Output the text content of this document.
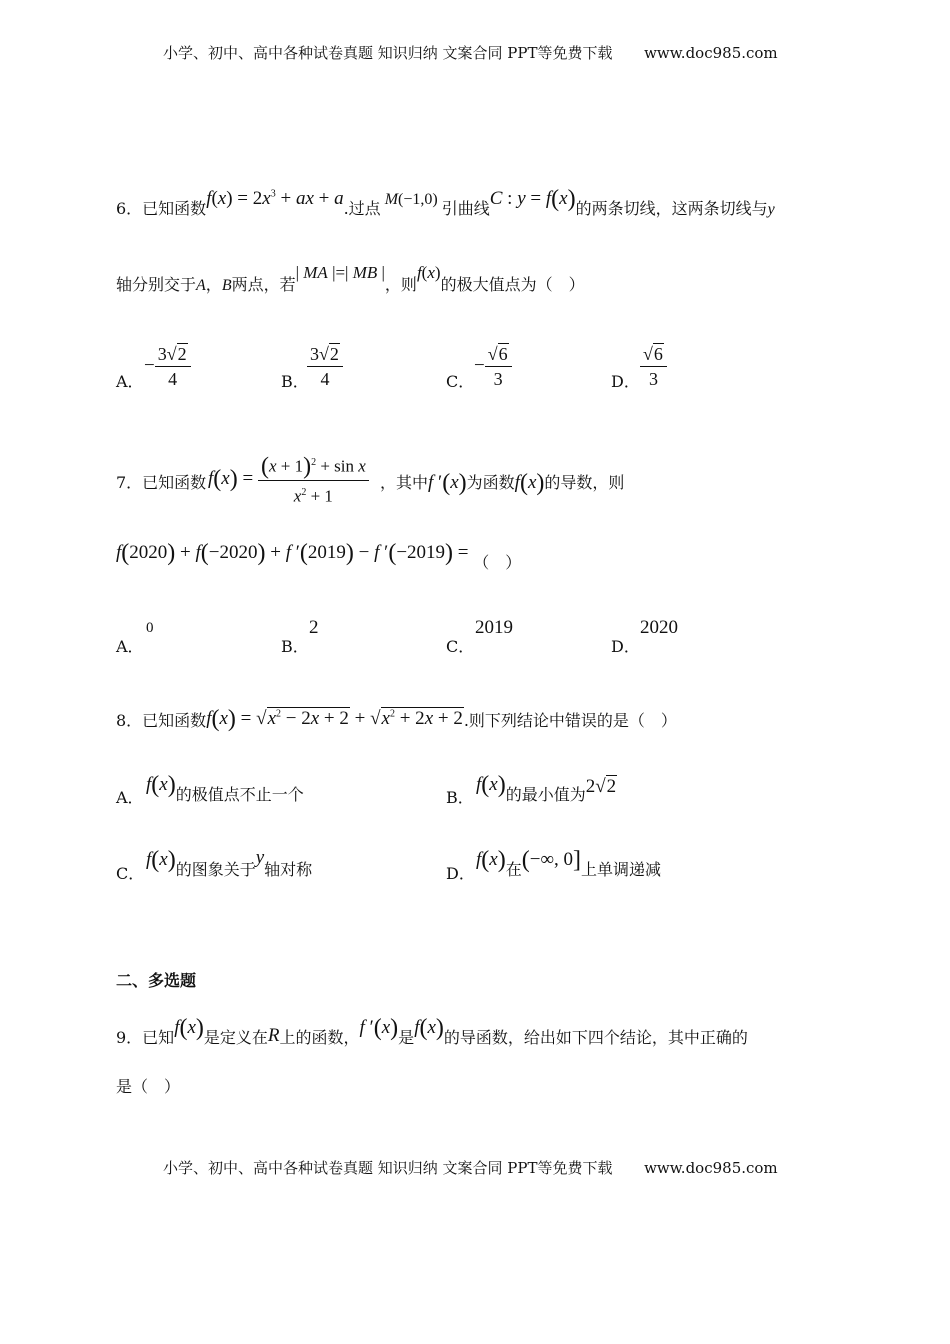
小学、初中、高中各种试卷真题 知识归纳 文案合同 PPT等免费下载 www.doc985.com
6．已知函数$f(x) = 2x^3$ + ax + a.过点 M(−1,0) 引曲线C : y = f(x)的两条切线，这两条切线与y
轴分别交于A，B两点，若| MA |=| MB |，则f(x)的极大值点为（　）
A．
− $\frac{3√2}{4}$	B．
$\frac{3√2}{4}$	C．
− $\frac{√6}{3}$	D． $\frac{√6}{3}$
7．已知函数 $f(x) = \frac{(x + 1)^2 + \sin x}{x^2 + 1}$ ，其中f ′(x)为函数f(x)的导数，则
f(2020) + f(−2020) + f ′(2019) − f ′(−2019) = （　）
A．
0
B．
2
C．
2019
D．
2020
8．已知函数$f(x) = √x^2 - 2x + 2 + √x^2 + 2x + 2$.则下列结论中错误的是（　）
A．
f(x)的极值点不止一个	B．
f(x)的最小值为2√2
C．
f(x)的图象关于y轴对称	D．
f(x)在(−∞, 0]上单调递减
二、多选题
9．已知f(x)是定义在R上的函数，f ′(x)是f(x)的导函数，给出如下四个结论，其中正确的
是（　）
小学、初中、高中各种试卷真题 知识归纳 文案合同 PPT等免费下载 www.doc985.com
